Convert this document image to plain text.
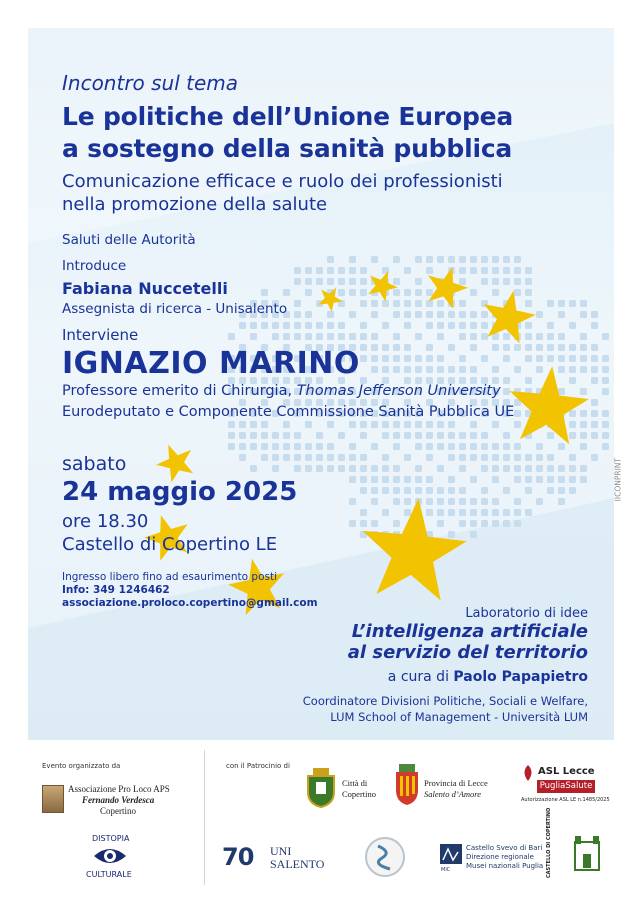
Incontro sul tema
Le politiche dell’Unione Europea
a sostegno della sanità pubblica
Comunicazione efficace e ruolo dei professionisti
nella promozione della salute
Saluti delle Autorità
Introduce
Fabiana Nuccetelli
Assegnista di ricerca - Unisalento
Interviene
IGNAZIO MARINO
Professore emerito di Chirurgia, Thomas Jefferson University
Eurodeputato e Componente Commissione Sanità Pubblica UE
sabato
24 maggio 2025
ore 18.30
Castello di Copertino LE
Ingresso libero fino ad esaurimento posti
Info: 349 1246462
associazione.proloco.copertino@gmail.com
Laboratorio di idee
L’intelligenza artificiale
al servizio del territorio
a cura di Paolo Papapietro
Coordinatore Divisioni Politiche, Sociali e Welfare,
LUM School of Management - Università LUM
IICONPRINT
Evento organizzato da	con il Patrocinio di
Associazione Pro Loco APS
Fernando Verdesca
Copertino
DISTOPIA
CULTURALE
Città di
Copertino
Provincia di Lecce
Salento d’Amore
ASL Lecce
PugliaSalute
Autorizzazione ASL LE n.1485/2025
70 UNI
SALENTO	MIC
Castello Svevo di Bari
Direzione regionale
Musei nazionali Puglia CASTELLO DI COPERTINO
